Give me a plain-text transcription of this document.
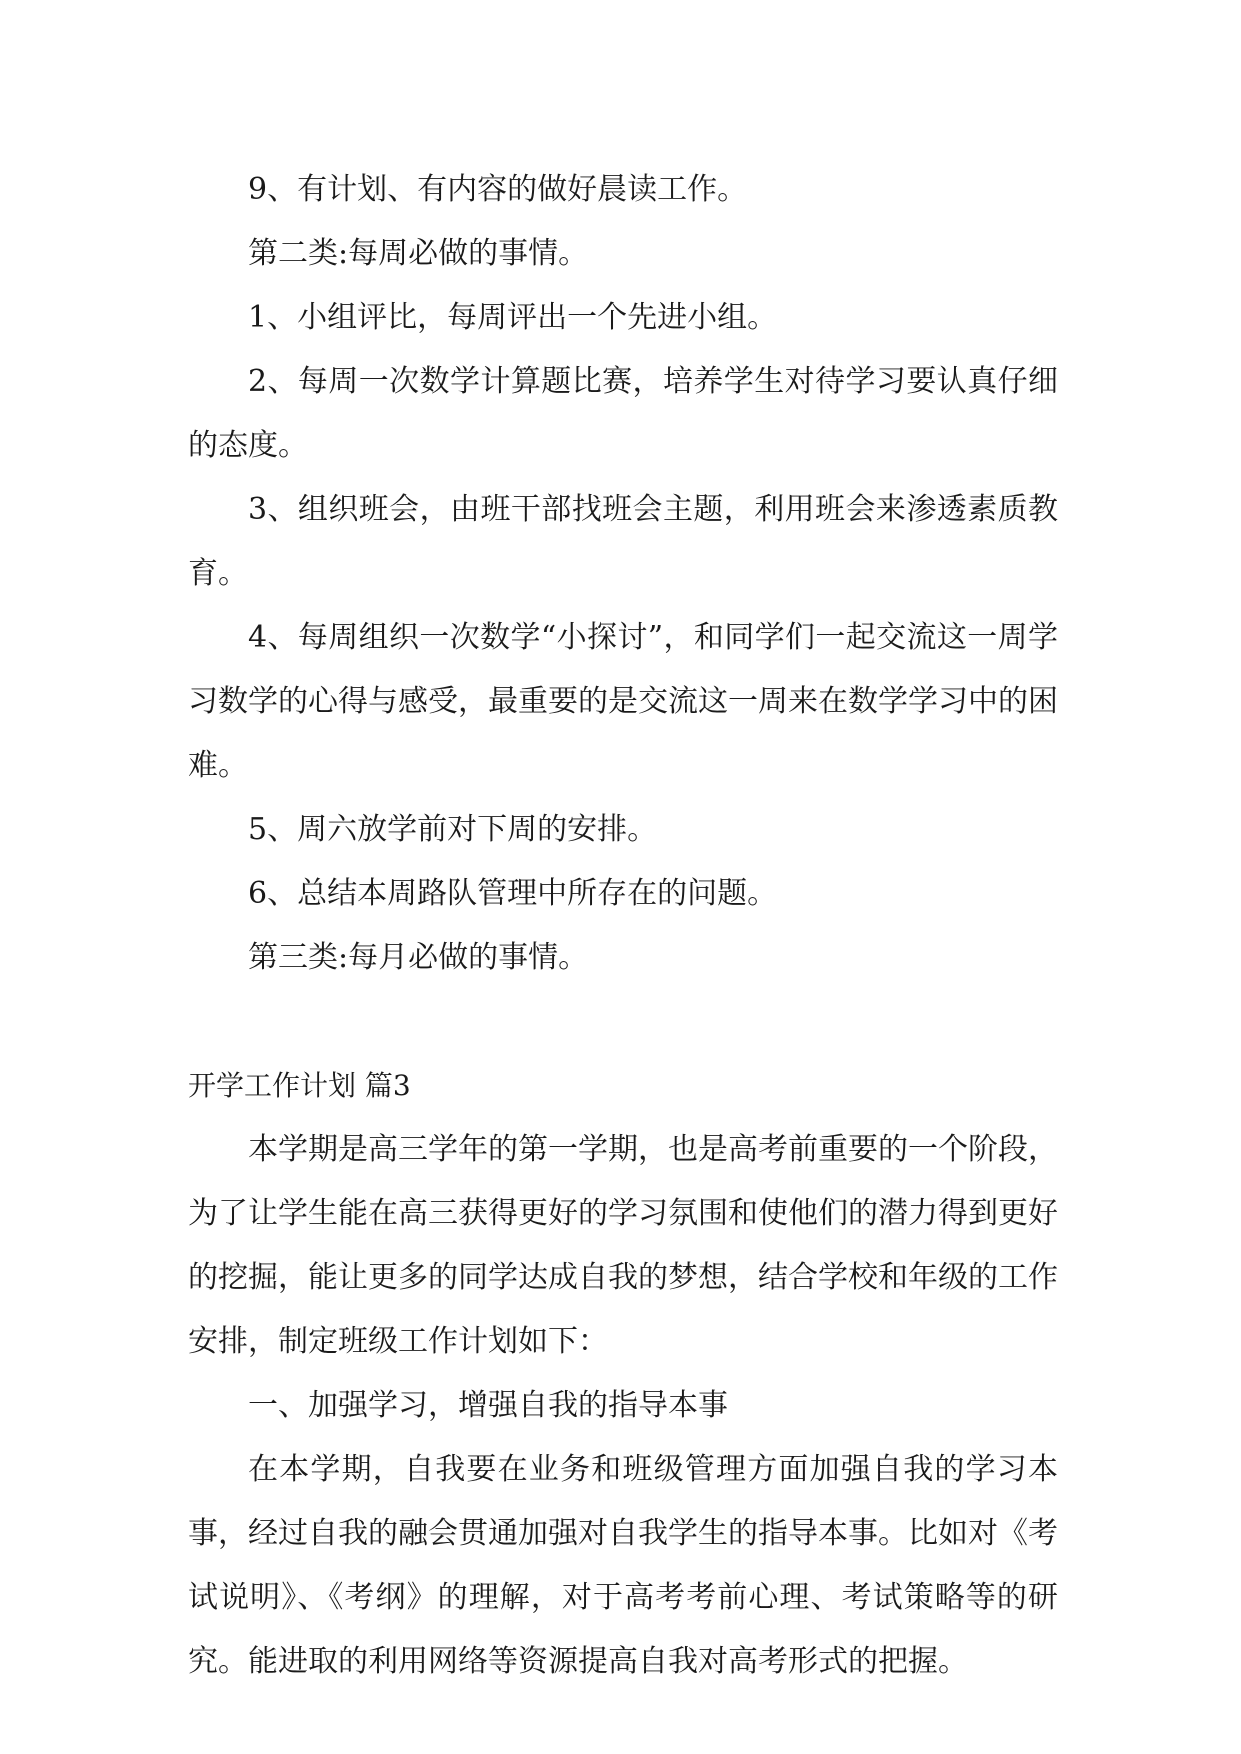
9、有计划、有内容的做好晨读工作。

第二类:每周必做的事情。

1、小组评比，每周评出一个先进小组。

2、每周一次数学计算题比赛，培养学生对待学习要认真仔细的态度。

3、组织班会，由班干部找班会主题，利用班会来渗透素质教育。

4、每周组织一次数学“小探讨”，和同学们一起交流这一周学习数学的心得与感受，最重要的是交流这一周来在数学学习中的困难。

5、周六放学前对下周的安排。

6、总结本周路队管理中所存在的问题。

第三类:每月必做的事情。

开学工作计划 篇3

本学期是高三学年的第一学期，也是高考前重要的一个阶段，为了让学生能在高三获得更好的学习氛围和使他们的潜力得到更好的挖掘，能让更多的同学达成自我的梦想，结合学校和年级的工作安排，制定班级工作计划如下：

一、加强学习，增强自我的指导本事

在本学期，自我要在业务和班级管理方面加强自我的学习本事，经过自我的融会贯通加强对自我学生的指导本事。比如对《考试说明》、《考纲》的理解，对于高考考前心理、考试策略等的研究。能进取的利用网络等资源提高自我对高考形式的把握。
